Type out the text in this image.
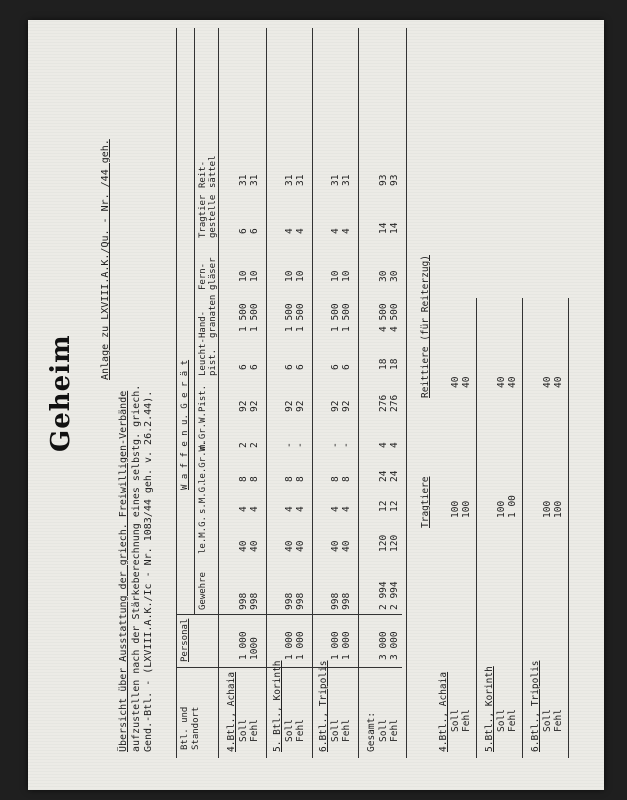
Geheim
Anlage zu LXVIII.A.K./Qu. - Nr. /44 geh.
Übersicht über Ausstattung der griech. Freiwilligen-Verbände aufzustellen nach der Stärkeberechnung eines selbstg. griech. Gend.-Btl. - (LXVIII.A.K./Ic - Nr. 1083/44 geh. v. 26.2.44).	Btl. und Standort
Personal
W a f f e n u. G e r ä t
Gewehre
le.M.G.
s.M.G.
le.Gr.W.
m.Gr.W.
Pist.
Leucht-pist.
Hand-granaten
Fern-gläser
Tragtier gestelle
Reit-sättel
4.Btl., Achaia Soll Fehl
1 000
998
40
4
8
2
92
6
1 500
10
6
31
1000
998
40
4
8
2
92
6
1 500
10
6
31
5. Btl., Korinth Soll Fehl
1 000
998
40
4
8
-
92
6
1 500
10
4
31
1 000
998
40
4
8
-
92
6
1 500
10
4
31
6.Btl., Tripolis Soll Fehl
1 000
998
40
4
8
-
92
6
1 500
10
4
31
1 000
998
40
4
8
-
92
6
1 500
10
4
31
Gesamt: Soll Fehl
3 000
2 994
120
12
24
4
276
18
4 500
30
14
93
3 000
2 994
120
12
24
4
276
18
4 500
30
14
93
Tragtiere
Reittiere (für Reiterzug)
4.Btl., Achaia Soll Fehl
100 100
40 40
5.Btl., Korinth Soll Fehl
100 1 00
40 40
6.Btl., Tripolis Soll Fehl
100 100
40 40
